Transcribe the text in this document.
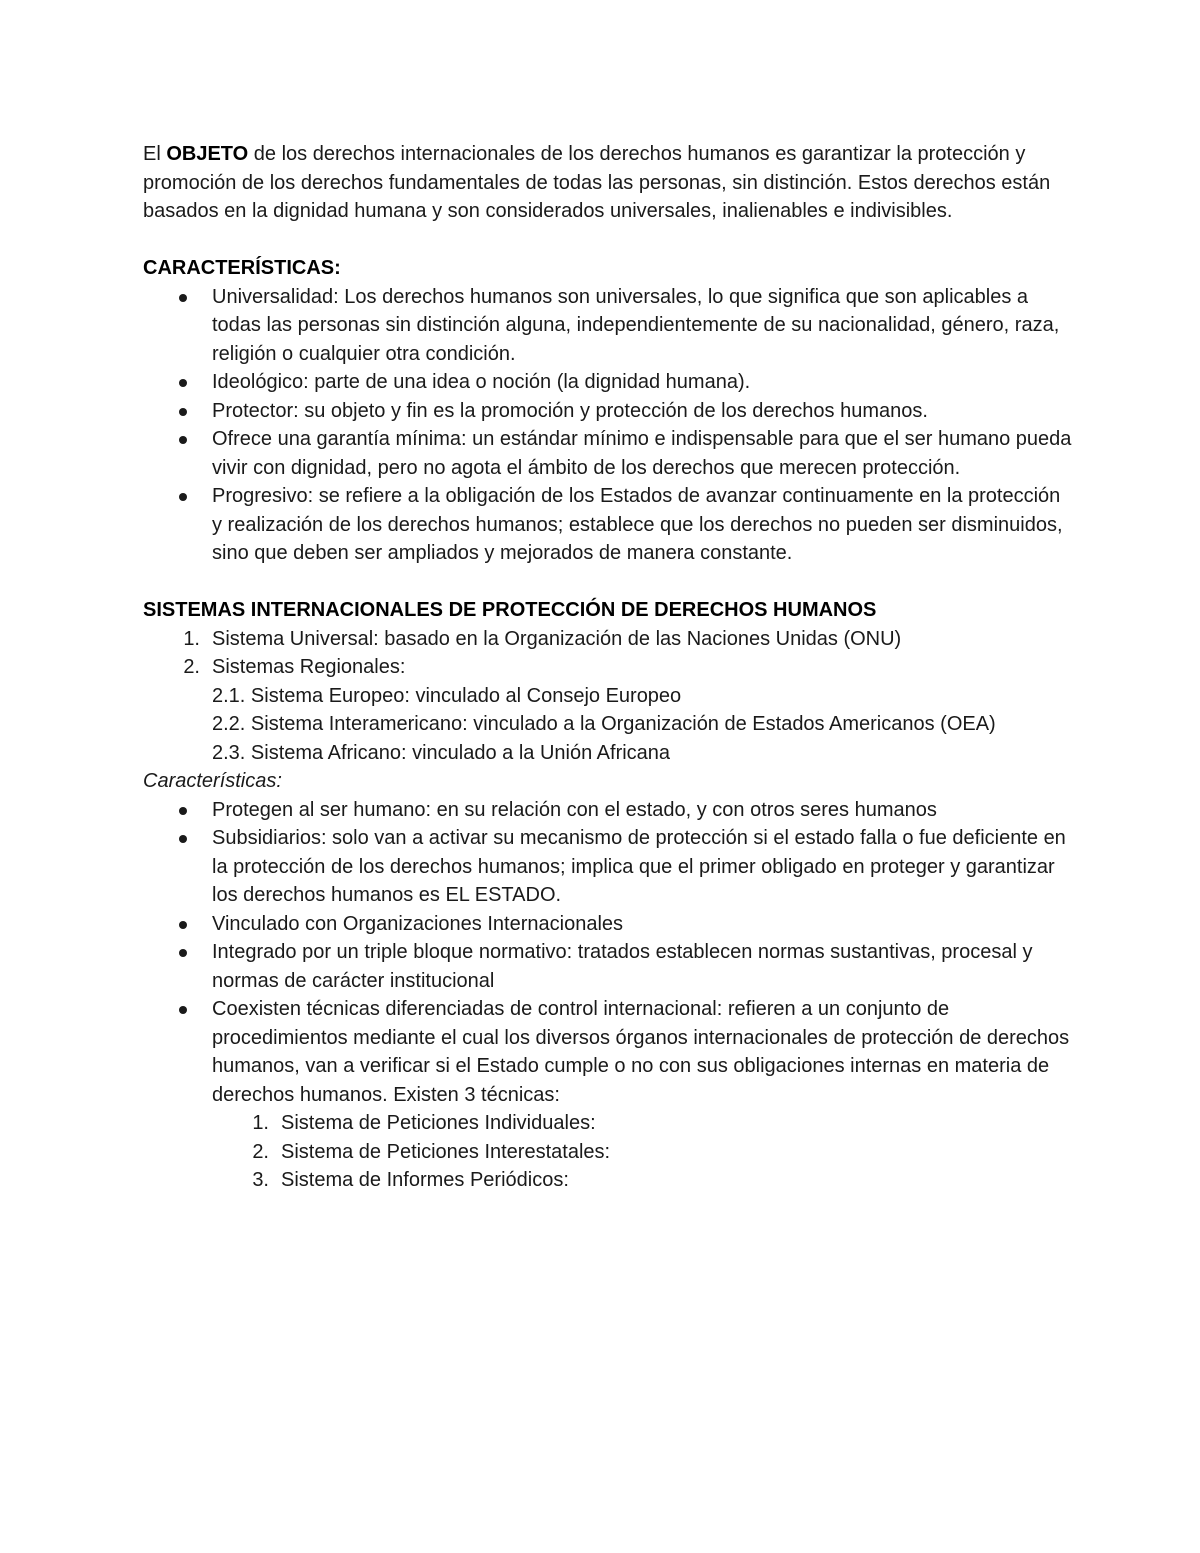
El OBJETO de los derechos internacionales de los derechos humanos es garantizar la protección y promoción de los derechos fundamentales de todas las personas, sin distinción. Estos derechos están basados en la dignidad humana y son considerados universales, inalienables e indivisibles.

CARACTERÍSTICAS:

Universalidad: Los derechos humanos son universales, lo que significa que son aplicables a todas las personas sin distinción alguna, independientemente de su nacionalidad, género, raza, religión o cualquier otra condición.
Ideológico: parte de una idea o noción (la dignidad humana).
Protector: su objeto y fin es la promoción y protección de los derechos humanos.
Ofrece una garantía mínima: un estándar mínimo e indispensable para que el ser humano pueda vivir con dignidad, pero no agota el ámbito de los derechos que merecen protección.
Progresivo: se refiere a la obligación de los Estados de avanzar continuamente en la protección y realización de los derechos humanos; establece que los derechos no pueden ser disminuidos, sino que deben ser ampliados y mejorados de manera constante.

SISTEMAS INTERNACIONALES DE PROTECCIÓN DE DERECHOS HUMANOS

1. Sistema Universal: basado en la Organización de las Naciones Unidas (ONU)
2. Sistemas Regionales:
2.1. Sistema Europeo: vinculado al Consejo Europeo
2.2. Sistema Interamericano: vinculado a la Organización de Estados Americanos (OEA)
2.3. Sistema Africano: vinculado a la Unión Africana

Características:

Protegen al ser humano: en su relación con el estado, y con otros seres humanos
Subsidiarios: solo van a activar su mecanismo de protección si el estado falla o fue deficiente en la protección de los derechos humanos; implica que el primer obligado en proteger y garantizar los derechos humanos es EL ESTADO.
Vinculado con Organizaciones Internacionales
Integrado por un triple bloque normativo: tratados establecen normas sustantivas, procesal y normas de carácter institucional
Coexisten técnicas diferenciadas de control internacional: refieren a un conjunto de procedimientos mediante el cual los diversos órganos internacionales de protección de derechos humanos, van a verificar si el Estado cumple o no con sus obligaciones internas en materia de derechos humanos. Existen 3 técnicas:
1. Sistema de Peticiones Individuales:
2. Sistema de Peticiones Interestatales:
3. Sistema de Informes Periódicos:
